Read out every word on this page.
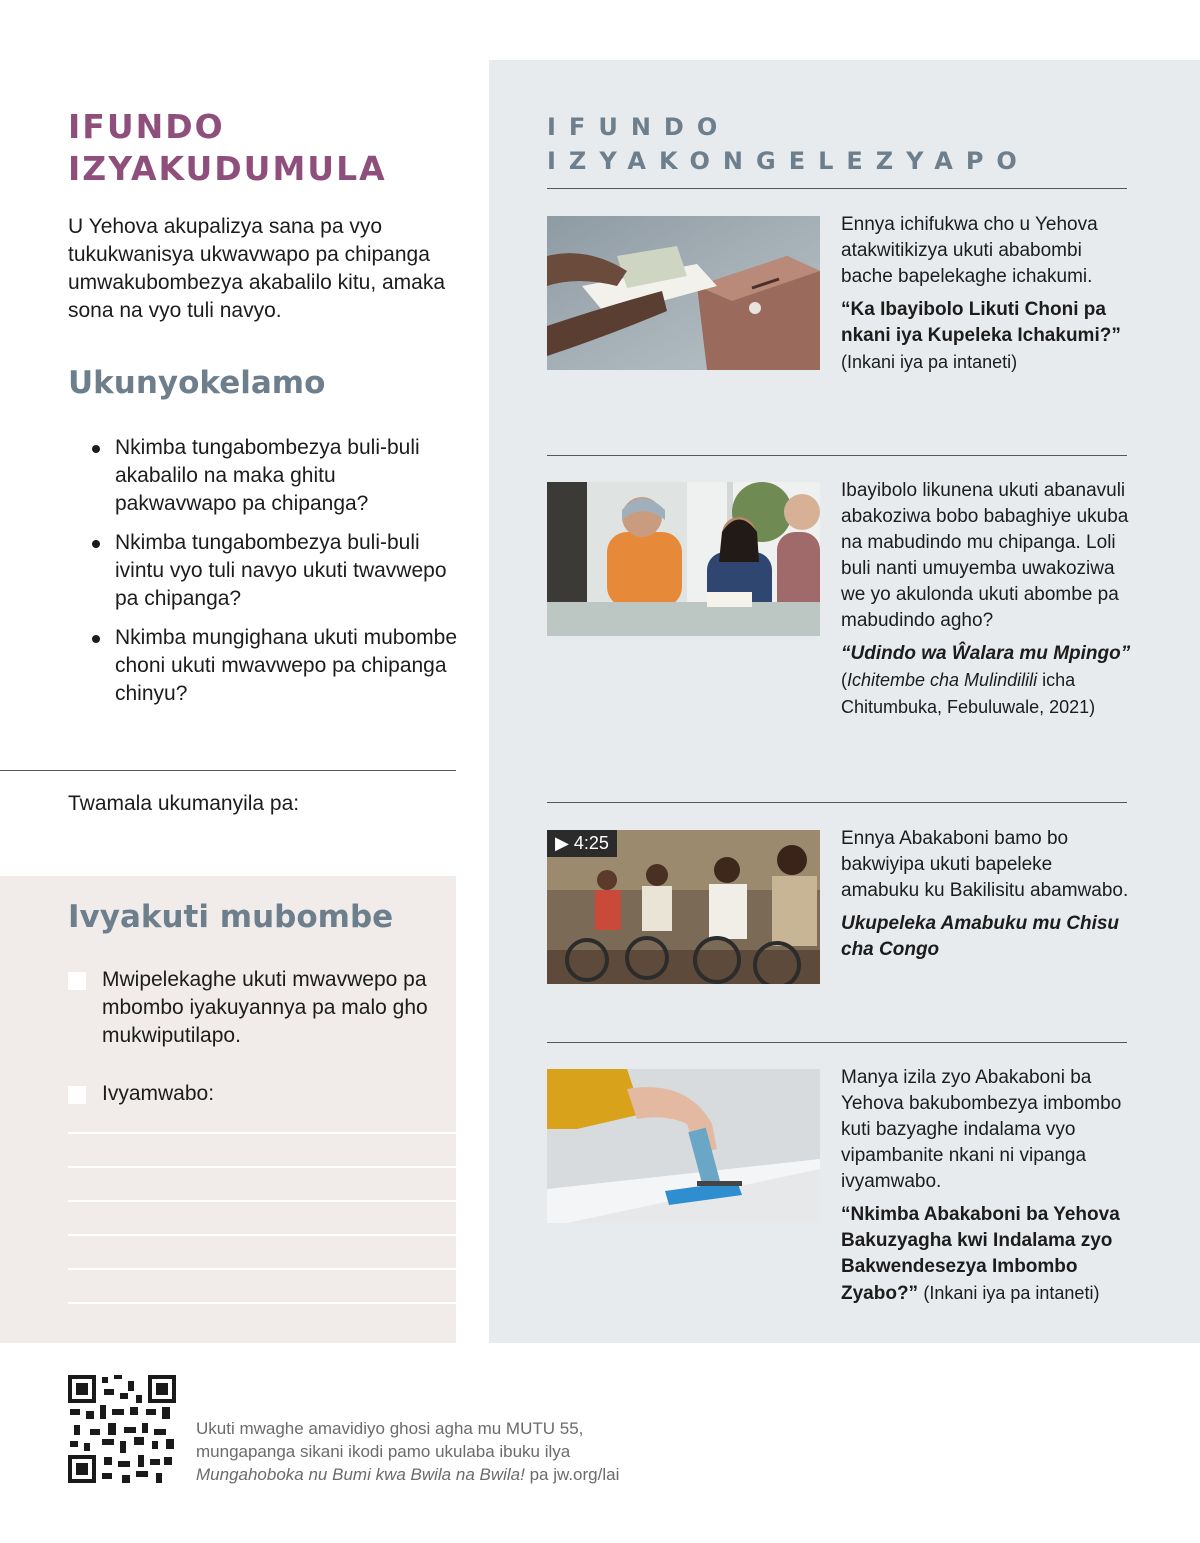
IFUNDO
IZYAKUDUMULA
U Yehova akupalizya sana pa vyo tukukwanisya ukwavwapo pa chipanga umwakubombezya akabalilo kitu, amaka sona na vyo tuli navyo.
Ukunyokelamo
Nkimba tungabombezya buli-buli akabalilo na maka ghitu pakwavwapo pa chipanga?
Nkimba tungabombezya buli-buli ivintu vyo tuli navyo ukuti twavwepo pa chipanga?
Nkimba mungighana ukuti mubombe choni ukuti mwavwepo pa chipanga chinyu?
Twamala ukumanyila pa:
Ivyakuti mubombe
Mwipelekaghe ukuti mwavwepo pa mbombo iyakuyannya pa malo gho mukwiputilapo.
Ivyamwabo:
IFUNDO
IZYAKONGELEZYAPO
Ennya ichifukwa cho u Yehova atakwitikizya ukuti ababombi bache bapelekaghe ichakumi.
“Ka Ibayibolo Likuti Choni pa nkani iya Kupeleka Ichakumi?” (Inkani iya pa intaneti)
Ibayibolo likunena ukuti abanavuli abakoziwa bobo babaghiye ukuba na mabudindo mu chipanga. Loli buli nanti umuyemba uwakoziwa we yo akulonda ukuti abombe pa mabudindo agho?
“Udindo wa Ŵalara mu Mpingo” (Ichitembe cha Mulindilili icha Chitumbuka, Febuluwale, 2021)
▶ 4:25	Ennya Abakaboni bamo bo bakwiyipa ukuti bapeleke amabuku ku Bakilisitu abamwabo.
Ukupeleka Amabuku mu Chisu cha Congo
Manya izila zyo Abakaboni ba Yehova bakubombezya imbombo kuti bazyaghe indalama vyo vipambanite nkani ni vipanga ivyamwabo.
“Nkimba Abakaboni ba Yehova Bakuzyagha kwi Indalama zyo Bakwendesezya Imbombo Zyabo?” (Inkani iya pa intaneti)
Ukuti mwaghe amavidiyo ghosi agha mu MUTU 55,
mungapanga sikani ikodi pamo ukulaba ibuku ilya
Mungahoboka nu Bumi kwa Bwila na Bwila! pa jw.org/lai
